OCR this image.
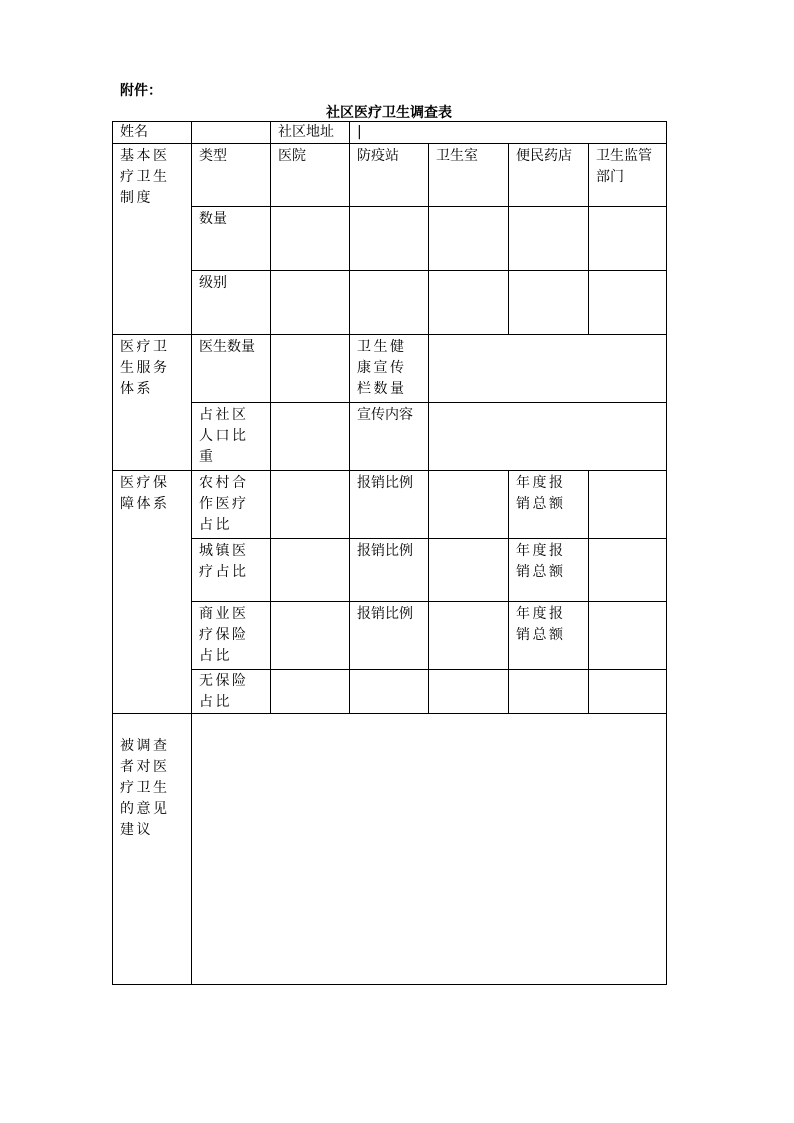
附件：
社区医疗卫生调查表
姓名		社区地址	|			
基本医疗卫生制度	类型	医院	防疫站	卫生室	便民药店	卫生监管部门
	数量					
	级别					
医疗卫生服务体系	医生数量		卫生健康宣传栏数量			
	占社区人口比重		宣传内容			
医疗保障体系	农村合作医疗占比		报销比例		年度报销总额	
	城镇医疗占比		报销比例		年度报销总额	
	商业医疗保险占比		报销比例		年度报销总额	
	无保险占比					
被调查者对医疗卫生的意见建议						
